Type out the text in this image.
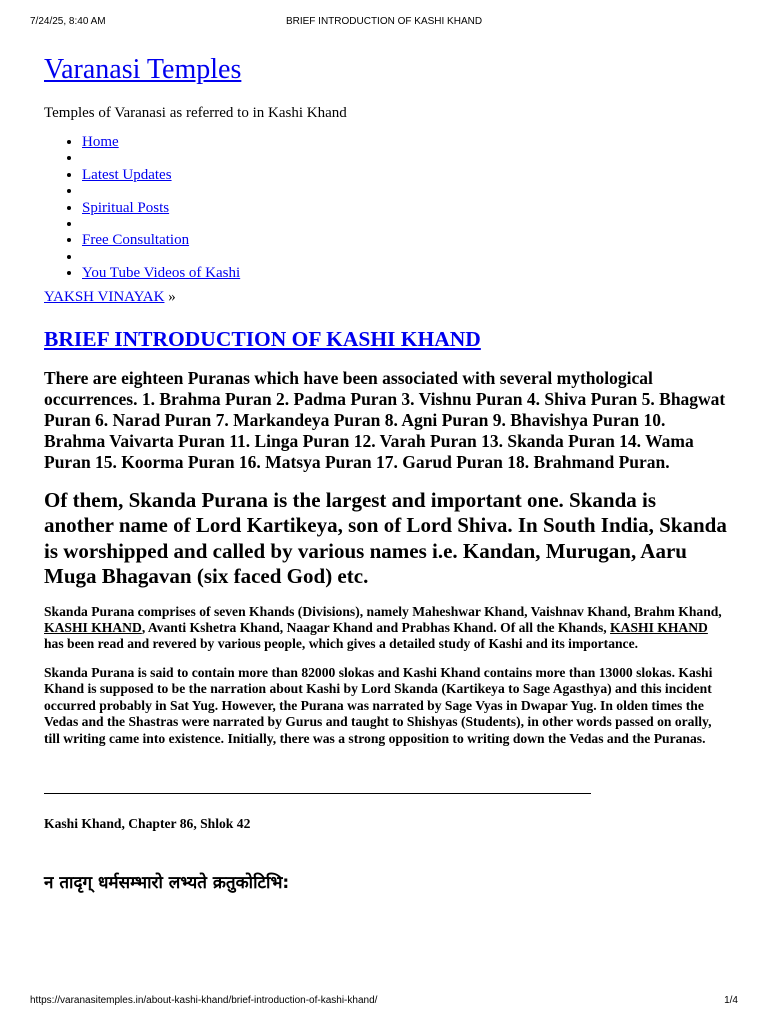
7/24/25, 8:40 AM	BRIEF INTRODUCTION OF KASHI KHAND
Varanasi Temples

Temples of Varanasi as referred to in Kashi Khand

• Home
•
• Latest Updates
•
• Spiritual Posts
•
• Free Consultation
•
• You Tube Videos of Kashi

YAKSH VINAYAK »

BRIEF INTRODUCTION OF KASHI KHAND

There are eighteen Puranas which have been associated with several mythological occurrences. 1. Brahma Puran 2. Padma Puran 3. Vishnu Puran 4. Shiva Puran 5. Bhagwat Puran 6. Narad Puran 7. Markandeya Puran 8. Agni Puran 9. Bhavishya Puran 10. Brahma Vaivarta Puran 11. Linga Puran 12. Varah Puran 13. Skanda Puran 14. Wama Puran 15. Koorma Puran 16. Matsya Puran 17. Garud Puran 18. Brahmand Puran.

Of them, Skanda Purana is the largest and important one. Skanda is another name of Lord Kartikeya, son of Lord Shiva. In South India, Skanda is worshipped and called by various names i.e. Kandan, Murugan, Aaru Muga Bhagavan (six faced God) etc.

Skanda Purana comprises of seven Khands (Divisions), namely Maheshwar Khand, Vaishnav Khand, Brahm Khand, KASHI KHAND, Avanti Kshetra Khand, Naagar Khand and Prabhas Khand. Of all the Khands, KASHI KHAND has been read and revered by various people, which gives a detailed study of Kashi and its importance.

Skanda Purana is said to contain more than 82000 slokas and Kashi Khand contains more than 13000 slokas. Kashi Khand is supposed to be the narration about Kashi by Lord Skanda (Kartikeya to Sage Agasthya) and this incident occurred probably in Sat Yug. However, the Purana was narrated by Sage Vyas in Dwapar Yug. In olden times the Vedas and the Shastras were narrated by Gurus and taught to Shishyas (Students), in other words passed on orally, till writing came into existence. Initially, there was a strong opposition to writing down the Vedas and the Puranas.

Kashi Khand, Chapter 86, Shlok 42

न तादृग् धर्मसम्भारो लभ्यते क्रतुकोटिभि:

https://varanasitemples.in/about-kashi-khand/brief-introduction-of-kashi-khand/	1/4
